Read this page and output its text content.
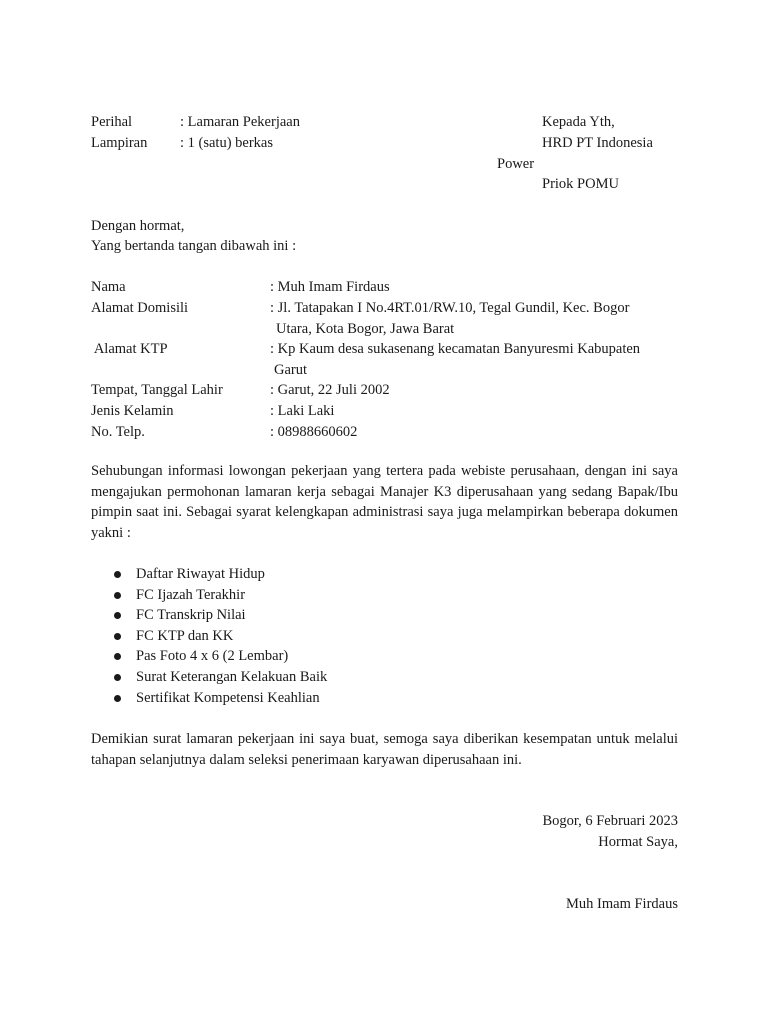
Perihal	: Lamaran Pekerjaan
Lampiran : 1 (satu) berkas
Kepada Yth,
HRD PT Indonesia
Power
Priok POMU
Dengan hormat,
Yang bertanda tangan dibawah ini :
Nama	: Muh Imam Firdaus
Alamat Domisili	: Jl. Tatapakan I No.4RT.01/RW.10, Tegal Gundil, Kec. Bogor
Utara, Kota Bogor, Jawa Barat
Alamat KTP	: Kp Kaum desa sukasenang kecamatan Banyuresmi Kabupaten
Garut
Tempat, Tanggal Lahir	: Garut, 22 Juli 2002
Jenis Kelamin	: Laki Laki
No. Telp.	: 08988660602
Sehubungan informasi lowongan pekerjaan yang tertera pada webiste perusahaan, dengan ini saya mengajukan permohonan lamaran kerja sebagai Manajer K3 diperusahaan yang sedang Bapak/Ibu pimpin saat ini. Sebagai syarat kelengkapan administrasi saya juga melampirkan beberapa dokumen yakni :
Daftar Riwayat Hidup
FC Ijazah Terakhir
FC Transkrip Nilai
FC KTP dan KK
Pas Foto 4 x 6 (2 Lembar)
Surat Keterangan Kelakuan Baik
Sertifikat Kompetensi Keahlian
Demikian surat lamaran pekerjaan ini saya buat, semoga saya diberikan kesempatan untuk melalui tahapan selanjutnya dalam seleksi penerimaan karyawan diperusahaan ini.
Bogor, 6 Februari 2023
Hormat Saya,
Muh Imam Firdaus
